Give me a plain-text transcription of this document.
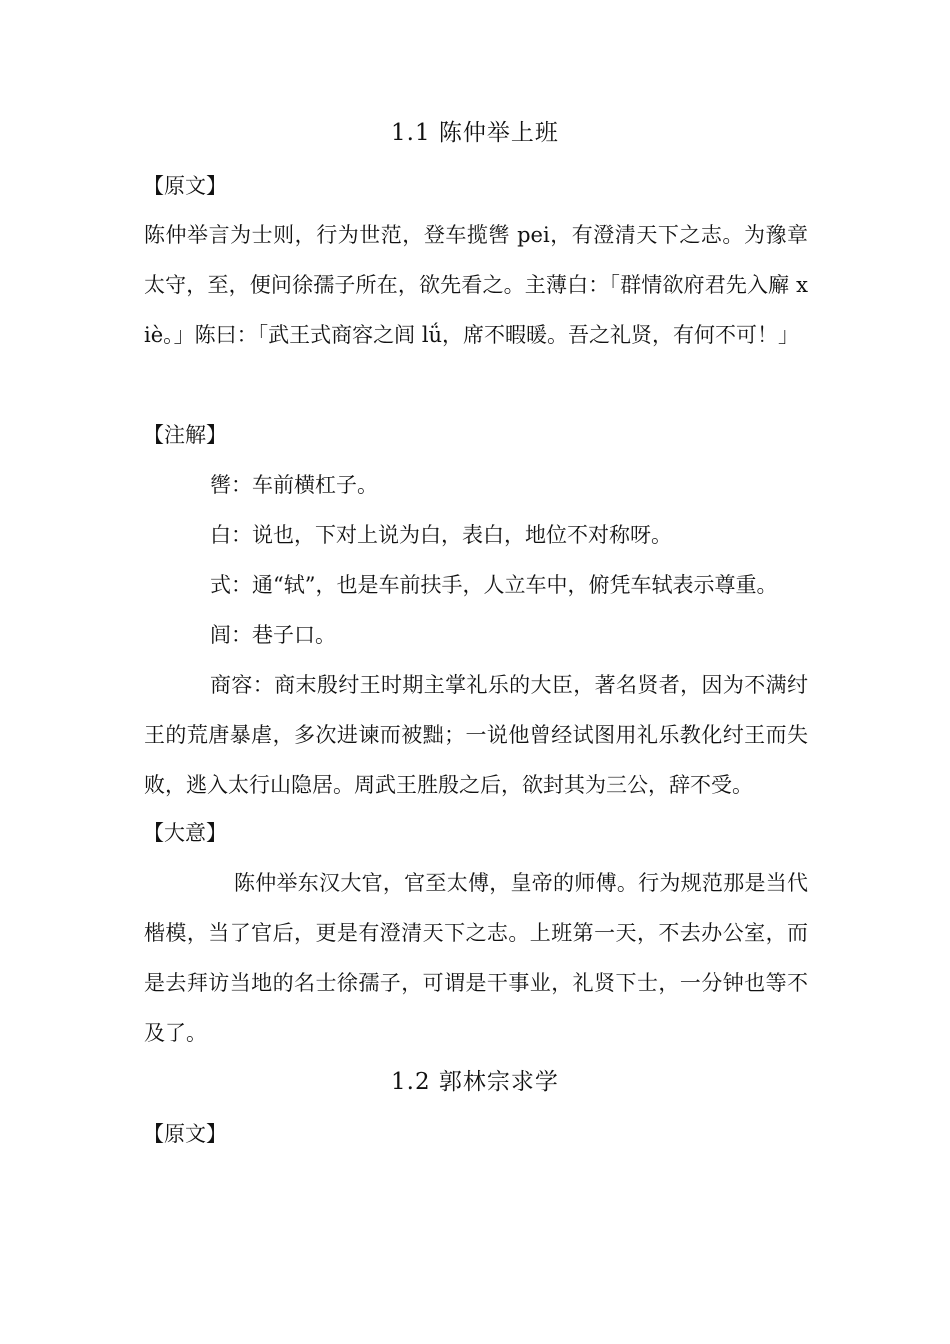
1.1 陈仲举上班
【原文】
陈仲举言为士则，行为世范，登车揽辔 pei，有澄清天下之志。为豫章太守，至，便问徐孺子所在，欲先看之。主薄白：「群情欲府君先入廨 xiè。」陈曰：「武王式商容之闾 lǘ，席不暇暖。吾之礼贤，有何不可！」
【注解】
辔：车前横杠子。
白：说也，下对上说为白，表白，地位不对称呀。
式：通“轼”，也是车前扶手，人立车中，俯凭车轼表示尊重。
闾：巷子口。
商容：商末殷纣王时期主掌礼乐的大臣，著名贤者，因为不满纣王的荒唐暴虐，多次进谏而被黜；一说他曾经试图用礼乐教化纣王而失败，逃入太行山隐居。周武王胜殷之后，欲封其为三公，辞不受。
【大意】
陈仲举东汉大官，官至太傅，皇帝的师傅。行为规范那是当代楷模，当了官后，更是有澄清天下之志。上班第一天，不去办公室，而是去拜访当地的名士徐孺子，可谓是干事业，礼贤下士，一分钟也等不及了。
1.2 郭林宗求学
【原文】
